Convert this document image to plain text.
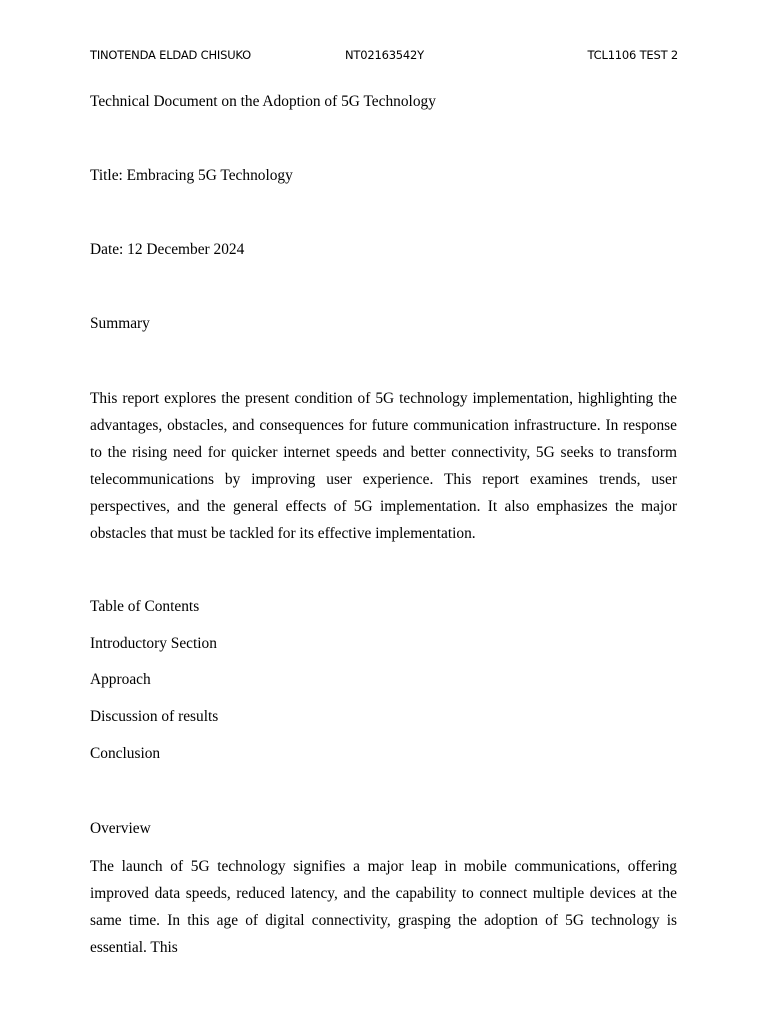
TINOTENDA ELDAD CHISUKO	NT02163542Y	TCL1106 TEST 2

Technical Document on the Adoption of 5G Technology

Title: Embracing 5G Technology

Date: 12 December 2024

Summary

This report explores the present condition of 5G technology implementation, highlighting the advantages, obstacles, and consequences for future communication infrastructure. In response to the rising need for quicker internet speeds and better connectivity, 5G seeks to transform telecommunications by improving user experience. This report examines trends, user perspectives, and the general effects of 5G implementation. It also emphasizes the major obstacles that must be tackled for its effective implementation.

Table of Contents

Introductory Section

Approach

Discussion of results

Conclusion

Overview

The launch of 5G technology signifies a major leap in mobile communications, offering improved data speeds, reduced latency, and the capability to connect multiple devices at the same time. In this age of digital connectivity, grasping the adoption of 5G technology is essential. This
